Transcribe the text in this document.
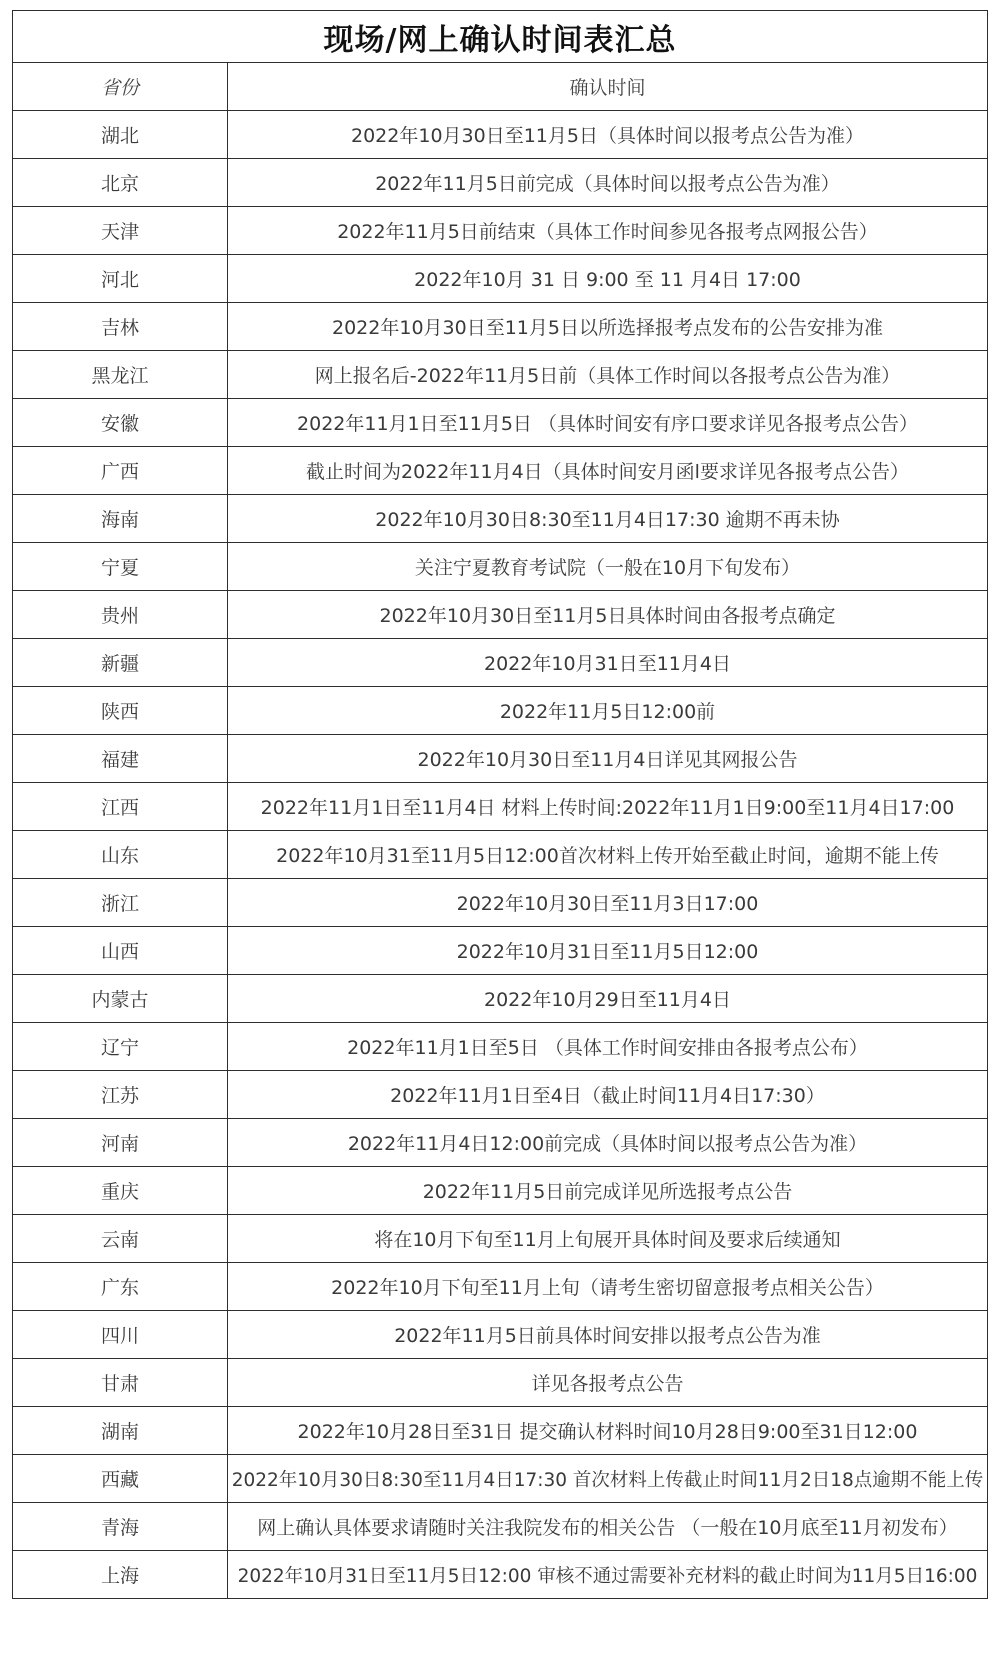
现场/网上确认时间表汇总	
省份	确认时间
湖北	2022年10月30日至11月5日（具体时间以报考点公告为准）
北京	2022年11月5日前完成（具体时间以报考点公告为准）
天津	2022年11月5日前结束（具体工作时间参见各报考点网报公告）
河北	2022年10月 31 日 9:00 至 11 月4日 17:00
吉林	2022年10月30日至11月5日以所选择报考点发布的公告安排为准
黑龙江	网上报名后-2022年11月5日前（具体工作时间以各报考点公告为准）
安徽	2022年11月1日至11月5日 （具体时间安有序口要求详见各报考点公告）
广西	截止时间为2022年11月4日（具体时间安月函l要求详见各报考点公告）
海南	2022年10月30日8:30至11月4日17:30 逾期不再未协
宁夏	关注宁夏教育考试院（一般在10月下旬发布）
贵州	2022年10月30日至11月5日具体时间由各报考点确定
新疆	2022年10月31日至11月4日
陕西	2022年11月5日12:00前
福建	2022年10月30日至11月4日详见其网报公告
江西	2022年11月1日至11月4日 材料上传时间:2022年11月1日9:00至11月4日17:00
山东	2022年10月31至11月5日12:00首次材料上传开始至截止时间，逾期不能上传
浙江	2022年10月30日至11月3日17:00
山西	2022年10月31日至11月5日12:00
内蒙古	2022年10月29日至11月4日
辽宁	2022年11月1日至5日 （具体工作时间安排由各报考点公布）
江苏	2022年11月1日至4日（截止时间11月4日17:30）
河南	2022年11月4日12:00前完成（具体时间以报考点公告为准）
重庆	2022年11月5日前完成详见所选报考点公告
云南	将在10月下旬至11月上旬展开具体时间及要求后续通知
广东	2022年10月下旬至11月上旬（请考生密切留意报考点相关公告）
四川	2022年11月5日前具体时间安排以报考点公告为准
甘肃	详见各报考点公告
湖南	2022年10月28日至31日 提交确认材料时间10月28日9:00至31日12:00
西藏	2022年10月30日8:30至11月4日17:30 首次材料上传截止时间11月2日18点逾期不能上传
青海	网上确认具体要求请随时关注我院发布的相关公告 （一般在10月底至11月初发布）
上海	2022年10月31日至11月5日12:00 审核不通过需要补充材料的截止时间为11月5日16:00
